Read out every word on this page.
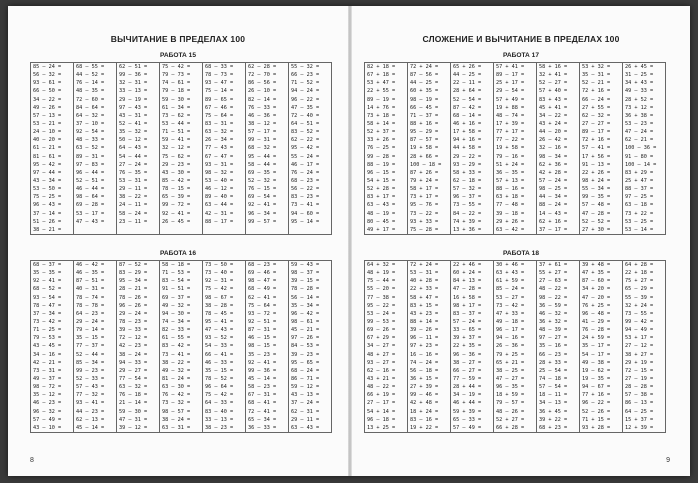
ВЫЧИТАНИЕ В ПРЕДЕЛАХ 100
РАБОТА 15
85 – 24 =
56 – 32 =
93 – 61 =
66 – 50 =
34 – 22 =
49 – 26 =
57 – 13 =
53 – 21 =
24 – 10 =
40 – 20 =
61 – 21 =
81 – 61 =
95 – 42 =
97 – 44 =
43 – 34 =
53 – 50 =
75 – 25 =
96 – 43 =
37 – 14 =
51 – 26 =
38 – 21 =
68 – 55 =
44 – 52 =
76 – 14 =
48 – 35 =
72 – 60 =
84 – 64 =
64 – 32 =
37 – 10 =
92 – 54 =
48 – 33 =
63 – 52 =
89 – 31 =
97 – 83 =
96 – 44 =
52 – 51 =
46 – 44 =
98 – 64 =
69 – 28 =
53 – 17 =
47 – 43 =
62 – 51 =
99 – 36 =
32 – 31 =
33 – 13 =
29 – 19 =
97 – 43 =
43 – 31 =
52 – 41 =
35 – 32 =
50 – 12 =
64 – 43 =
54 – 44 =
27 – 24 =
76 – 35 =
53 – 31 =
29 – 11 =
38 – 22 =
24 – 11 =
58 – 24 =
23 – 11 =
75 – 42 =
79 – 73 =
74 – 61 =
79 – 18 =
59 – 30 =
61 – 34 =
73 – 62 =
53 – 44 =
71 – 51 =
59 – 41 =
32 – 12 =
75 – 62 =
29 – 23 =
43 – 30 =
85 – 42 =
78 – 15 =
65 – 39 =
99 – 72 =
92 – 41 =
26 – 45 =
68 – 33 =
78 – 73 =
93 – 47 =
75 – 14 =
89 – 65 =
67 – 46 =
75 – 64 =
83 – 31 =
63 – 32 =
26 – 34 =
77 – 43 =
67 – 47 =
93 – 31 =
98 – 32 =
53 – 40 =
46 – 12 =
89 – 40 =
63 – 44 =
42 – 31 =
88 – 17 =
62 – 28 =
72 – 70 =
86 – 56 =
26 – 10 =
82 – 14 =
76 – 33 =
46 – 36 =
38 – 12 =
57 – 17 =
99 – 31 =
68 – 32 =
95 – 44 =
58 – 44 =
69 – 35 =
52 – 32 =
76 – 15 =
69 – 54 =
92 – 41 =
96 – 34 =
99 – 57 =
55 – 32 =
66 – 23 =
71 – 52 =
94 – 24 =
96 – 22 =
47 – 35 =
72 – 40 =
64 – 51 =
83 – 52 =
62 – 22 =
95 – 42 =
55 – 24 =
46 – 17 =
76 – 24 =
68 – 23 =
56 – 22 =
83 – 23 =
73 – 41 =
94 – 60 =
95 – 14 =
РАБОТА 16
68 – 37 =
35 – 35 =
92 – 41 =
68 – 52 =
93 – 54 =
78 – 47 =
37 – 34 =
73 – 42 =
71 – 25 =
79 – 53 =
43 – 45 =
34 – 16 =
42 – 21 =
73 – 31 =
49 – 37 =
98 – 72 =
35 – 12 =
46 – 23 =
96 – 32 =
57 – 49 =
43 – 10 =
46 – 42 =
46 – 35 =
87 – 51 =
40 – 31 =
78 – 74 =
78 – 78 =
64 – 23 =
29 – 24 =
79 – 14 =
35 – 15 =
77 – 37 =
52 – 44 =
85 – 34 =
99 – 23 =
52 – 33 =
57 – 43 =
77 – 32 =
93 – 41 =
44 – 23 =
62 – 13 =
45 – 14 =
87 – 52 =
83 – 29 =
95 – 34 =
28 – 21 =
78 – 26 =
96 – 26 =
29 – 24 =
78 – 23 =
39 – 33 =
72 – 12 =
42 – 23 =
38 – 24 =
94 – 33 =
29 – 27 =
77 – 54 =
63 – 32 =
76 – 18 =
21 – 14 =
59 – 30 =
47 – 31 =
39 – 12 =
58 – 18 =
71 – 53 =
83 – 54 =
91 – 51 =
69 – 37 =
49 – 32 =
94 – 30 =
74 – 34 =
82 – 33 =
61 – 55 =
83 – 42 =
73 – 41 =
38 – 22 =
49 – 32 =
81 – 24 =
63 – 30 =
76 – 42 =
73 – 32 =
98 – 57 =
38 – 24 =
63 – 31 =
73 – 50 =
73 – 40 =
92 – 31 =
75 – 42 =
98 – 67 =
38 – 28 =
78 – 45 =
95 – 41 =
47 – 43 =
93 – 52 =
54 – 33 =
66 – 41 =
46 – 33 =
35 – 15 =
78 – 52 =
96 – 64 =
75 – 42 =
64 – 33 =
83 – 40 =
33 – 13 =
38 – 23 =
68 – 23 =
69 – 46 =
98 – 47 =
68 – 49 =
62 – 41 =
75 – 64 =
93 – 72 =
92 – 51 =
87 – 31 =
46 – 15 =
98 – 15 =
35 – 23 =
92 – 41 =
99 – 36 =
45 – 14 =
58 – 23 =
67 – 31 =
68 – 41 =
72 – 41 =
65 – 34 =
36 – 33 =
59 – 43 =
98 – 37 =
39 – 15 =
78 – 28 =
56 – 14 =
35 – 34 =
96 – 42 =
98 – 61 =
45 – 21 =
97 – 26 =
84 – 53 =
39 – 23 =
95 – 65 =
68 – 24 =
86 – 71 =
59 – 12 =
43 – 13 =
37 – 24 =
62 – 31 =
29 – 11 =
63 – 43 =
8
СЛОЖЕНИЕ И ВЫЧИТАНИЕ В ПРЕДЕЛАХ 100
РАБОТА 17
82 + 18 =
67 + 18 =
53 + 47 =
22 + 55 =
89 – 19 =
14 + 76 =
73 + 18 =
58 + 14 =
52 + 37 =
33 + 26 =
76 – 25 =
99 – 28 =
88 – 19 =
96 – 15 =
54 + 15 =
52 + 28 =
83 + 17 =
63 – 43 =
48 – 19 =
80 – 45 =
49 + 17 =
72 + 24 =
87 – 56 =
44 – 25 =
60 + 35 =
98 – 19 =
66 – 45 =
71 – 37 =
88 + 16 =
95 – 29 =
87 – 57 =
19 + 58 =
28 + 66 =
100 – 18 =
87 + 26 =
79 + 24 =
58 + 17 =
73 + 17 =
95 – 76 =
73 – 22 =
93 + 33 =
75 – 28 =
65 + 26 =
44 – 25 =
22 – 11 =
28 + 64 =
52 – 54 =
87 – 42 =
68 – 14 =
46 + 16 =
17 + 58 =
94 + 16 =
44 + 58 =
29 – 22 =
93 – 29 =
58 + 33 =
62 – 18 =
57 – 32 =
96 – 37 =
73 – 55 =
84 – 22 =
74 + 39 =
13 + 36 =
57 + 41 =
89 – 17 =
25 + 17 =
29 – 54 =
57 + 49 =
19 + 88 =
48 – 74 =
17 + 39 =
77 + 17 =
77 – 22 =
19 + 58 =
79 – 16 =
51 + 24 =
36 – 35 =
57 + 13 =
88 – 16 =
63 + 18 =
77 – 48 =
39 – 18 =
29 + 26 =
63 – 42 =
58 + 16 =
32 + 41 =
52 – 27 =
57 + 40 =
83 + 43 =
45 + 41 =
34 – 22 =
43 + 24 =
44 – 20 =
26 – 42 =
32 – 16 =
98 – 34 =
62 + 36 =
42 + 28 =
57 – 24 =
98 – 25 =
44 – 34 =
88 – 24 =
14 – 43 =
62 + 16 =
37 – 17 =
53 + 32 =
35 – 31 =
52 – 21 =
72 + 16 =
66 – 24 =
27 + 55 =
62 – 32 =
27 – 27 =
89 – 17 =
72 + 16 =
57 – 41 =
17 + 56 =
91 – 13 =
22 + 26 =
98 + 24 =
55 – 34 =
99 – 35 =
57 – 48 =
47 – 28 =
52 – 52 =
27 + 30 =
26 + 45 =
31 – 25 =
34 + 43 =
49 – 33 =
28 + 52 =
73 + 12 =
36 + 38 =
53 – 23 =
47 – 24 =
62 – 21 =
100 – 36 =
91 – 80 =
100 – 14 =
83 + 29 =
25 + 47 =
88 – 37 =
97 – 25 =
63 – 18 =
73 + 22 =
53 – 25 =
53 – 14 =
РАБОТА 18
64 + 32 =
48 + 19 =
75 – 44 =
55 – 20 =
77 – 38 =
95 – 22 =
53 – 24 =
99 – 53 =
69 – 26 =
67 + 29 =
34 – 27 =
48 + 27 =
93 – 27 =
62 – 16 =
43 + 21 =
48 – 22 =
66 + 19 =
27 – 17 =
54 + 14 =
96 – 18 =
13 + 25 =
72 + 24 =
53 – 31 =
40 + 28 =
22 + 33 =
58 + 47 =
83 + 15 =
43 + 23 =
88 + 14 =
39 – 26 =
96 – 11 =
97 + 23 =
16 – 16 =
74 – 24 =
56 – 18 =
36 + 15 =
27 + 39 =
99 – 46 =
42 + 48 =
18 + 24 =
83 – 16 =
19 + 22 =
22 + 46 =
60 + 24 =
84 + 13 =
47 – 28 =
16 + 58 =
98 + 17 =
83 – 37 =
57 – 24 =
33 – 65 =
39 + 37 =
22 + 35 =
96 – 36 =
38 – 27 =
66 – 27 =
77 – 59 =
28 + 44 =
34 – 19 =
46 + 44 =
59 + 39 =
65 – 33 =
57 – 49 =
30 + 46 =
63 + 43 =
61 + 59 =
85 – 24 =
53 – 27 =
73 – 42 =
47 + 33 =
49 – 18 =
96 – 17 =
94 – 16 =
26 – 36 =
79 + 25 =
65 + 21 =
38 – 25 =
47 – 27 =
96 – 35 =
18 + 59 =
79 – 57 =
48 – 26 =
52 + 27 =
66 + 28 =
37 + 61 =
55 + 27 =
27 – 63 =
48 – 22 =
98 – 22 =
36 – 59 =
46 – 32 =
36 + 32 =
48 – 39 =
97 – 27 =
35 – 16 =
66 – 23 =
28 + 33 =
25 – 54 =
74 – 18 =
57 – 54 =
18 – 11 =
34 – 13 =
36 + 45 =
39 + 22 =
68 + 23 =
39 + 48 =
47 + 35 =
87 – 60 =
34 + 20 =
47 – 20 =
76 + 25 =
96 – 48 =
41 – 29 =
76 – 28 =
24 + 59 =
35 – 17 =
54 – 17 =
49 – 38 =
19 – 62 =
19 – 35 =
94 – 67 =
77 + 16 =
96 – 22 =
52 – 26 =
71 + 15 =
93 + 28 =
64 + 28 =
22 + 18 =
75 + 27 =
65 – 29 =
55 – 39 =
32 + 24 =
73 – 55 =
99 – 42 =
94 – 49 =
53 + 17 =
27 – 12 =
38 + 27 =
29 + 19 =
72 – 15 =
27 – 19 =
28 – 28 =
57 – 38 =
86 – 13 =
64 – 25 =
15 + 37 =
12 + 39 =
9
